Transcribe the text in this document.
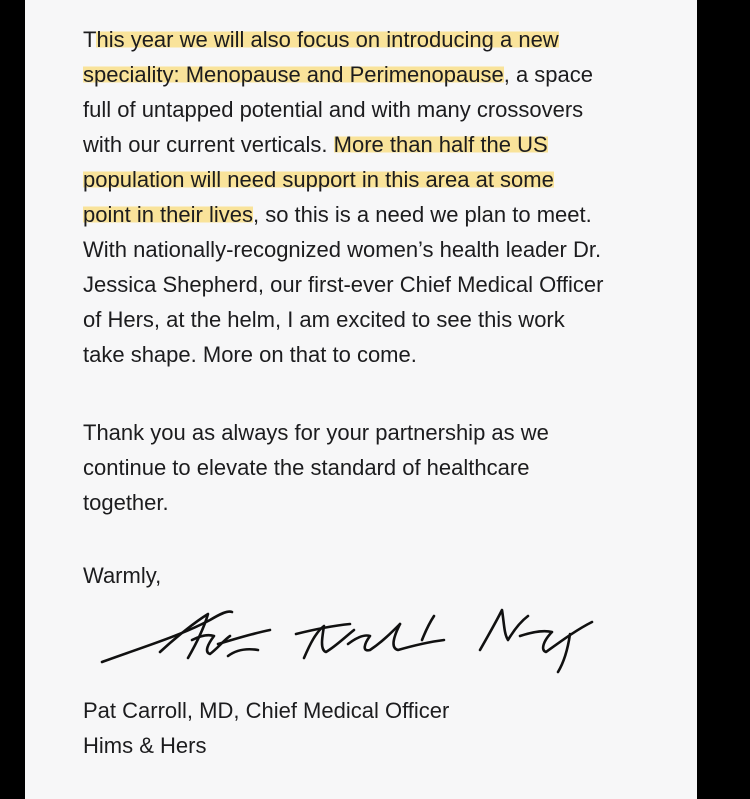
This year we will also focus on introducing a new
speciality: Menopause and Perimenopause, a space
full of untapped potential and with many crossovers
with our current verticals. More than half the US
population will need support in this area at some
point in their lives, so this is a need we plan to meet.
With nationally-recognized women’s health leader Dr.
Jessica Shepherd, our first-ever Chief Medical Officer
of Hers, at the helm, I am excited to see this work
take shape. More on that to come.
Thank you as always for your partnership as we
continue to elevate the standard of healthcare
together.
Warmly,
Pat Carroll, MD, Chief Medical Officer
Hims & Hers
